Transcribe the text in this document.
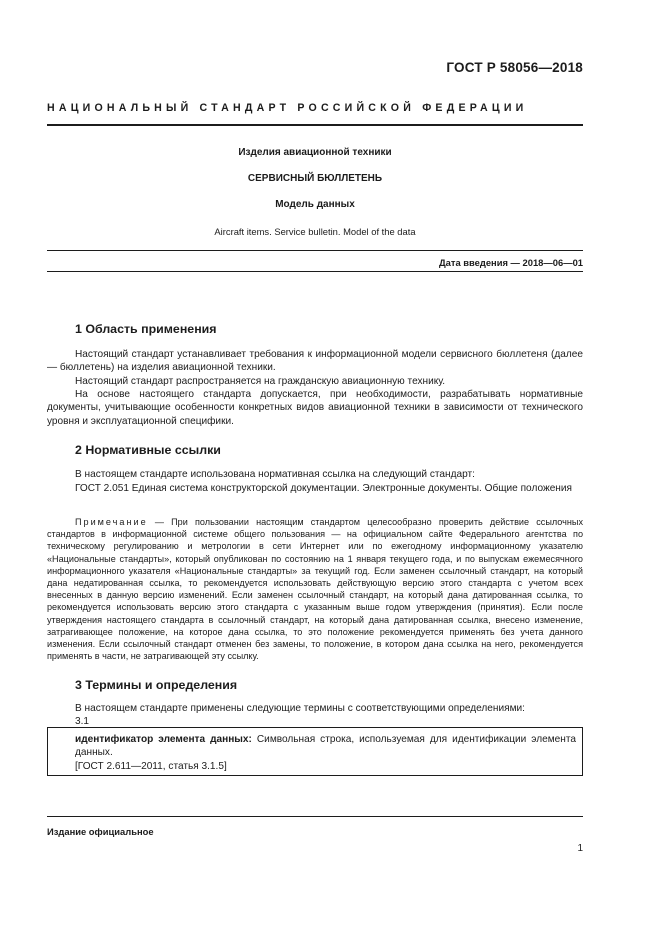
ГОСТ Р 58056—2018
НАЦИОНАЛЬНЫЙ СТАНДАРТ РОССИЙСКОЙ ФЕДЕРАЦИИ
Изделия авиационной техники
СЕРВИСНЫЙ БЮЛЛЕТЕНЬ
Модель данных
Aircraft items. Service bulletin. Model of the data
Дата введения — 2018—06—01
1 Область применения
Настоящий стандарт устанавливает требования к информационной модели сервисного бюллетеня (далее — бюллетень) на изделия авиационной техники.
Настоящий стандарт распространяется на гражданскую авиационную технику.
На основе настоящего стандарта допускается, при необходимости, разрабатывать нормативные документы, учитывающие особенности конкретных видов авиационной техники в зависимости от технического уровня и эксплуатационной специфики.
2 Нормативные ссылки
В настоящем стандарте использована нормативная ссылка на следующий стандарт:
ГОСТ 2.051 Единая система конструкторской документации. Электронные документы. Общие положения
Примечание — При пользовании настоящим стандартом целесообразно проверить действие ссылочных стандартов в информационной системе общего пользования — на официальном сайте Федерального агентства по техническому регулированию и метрологии в сети Интернет или по ежегодному информационному указателю «Национальные стандарты», который опубликован по состоянию на 1 января текущего года, и по выпускам ежемесячного информационного указателя «Национальные стандарты» за текущий год. Если заменен ссылочный стандарт, на который дана недатированная ссылка, то рекомендуется использовать действующую версию этого стандарта с учетом всех внесенных в данную версию изменений. Если заменен ссылочный стандарт, на который дана датированная ссылка, то рекомендуется использовать версию этого стандарта с указанным выше годом утверждения (принятия). Если после утверждения настоящего стандарта в ссылочный стандарт, на который дана датированная ссылка, внесено изменение, затрагивающее положение, на которое дана ссылка, то это положение рекомендуется применять без учета данного изменения. Если ссылочный стандарт отменен без замены, то положение, в котором дана ссылка на него, рекомендуется применять в части, не затрагивающей эту ссылку.
3 Термины и определения
В настоящем стандарте применены следующие термины с соответствующими определениями:
3.1
идентификатор элемента данных: Символьная строка, используемая для идентификации элемента данных.
[ГОСТ 2.611—2011, статья 3.1.5]
Издание официальное
1
